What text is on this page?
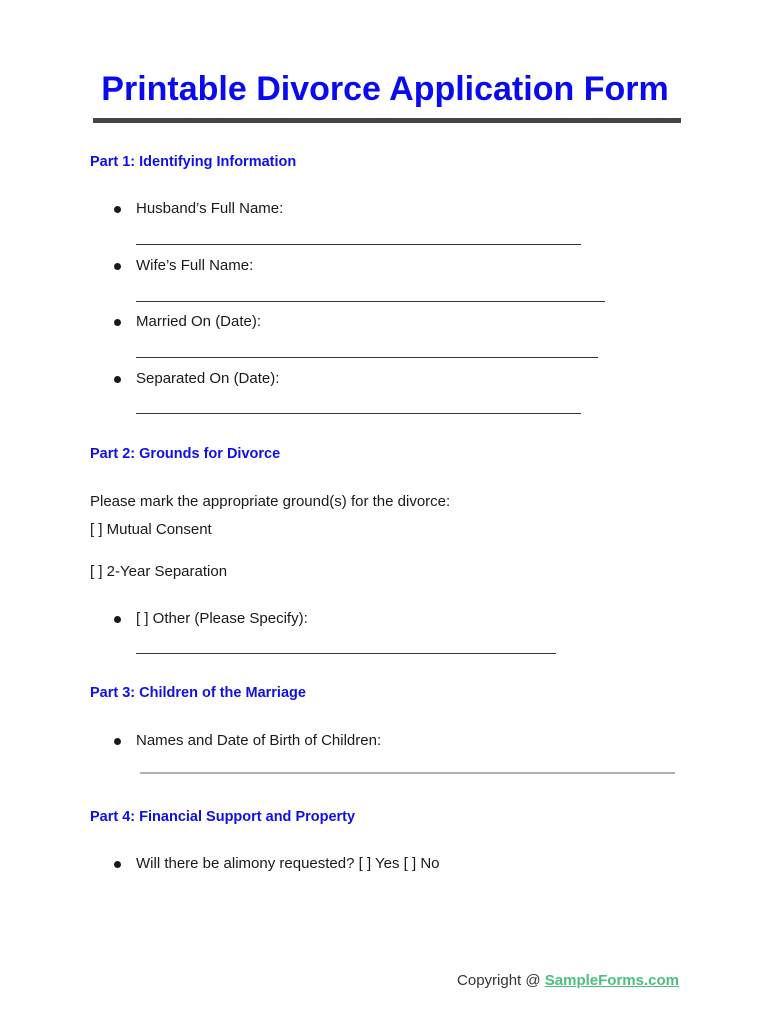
Printable Divorce Application Form
Part 1: Identifying Information
Husband’s Full Name:
Wife’s Full Name:
Married On (Date):
Separated On (Date):
Part 2: Grounds for Divorce
Please mark the appropriate ground(s) for the divorce:
[ ] Mutual Consent
[ ] 2-Year Separation
[ ] Other (Please Specify):
Part 3: Children of the Marriage
Names and Date of Birth of Children:
Part 4: Financial Support and Property
Will there be alimony requested? [ ] Yes [ ] No
Copyright @ SampleForms.com
